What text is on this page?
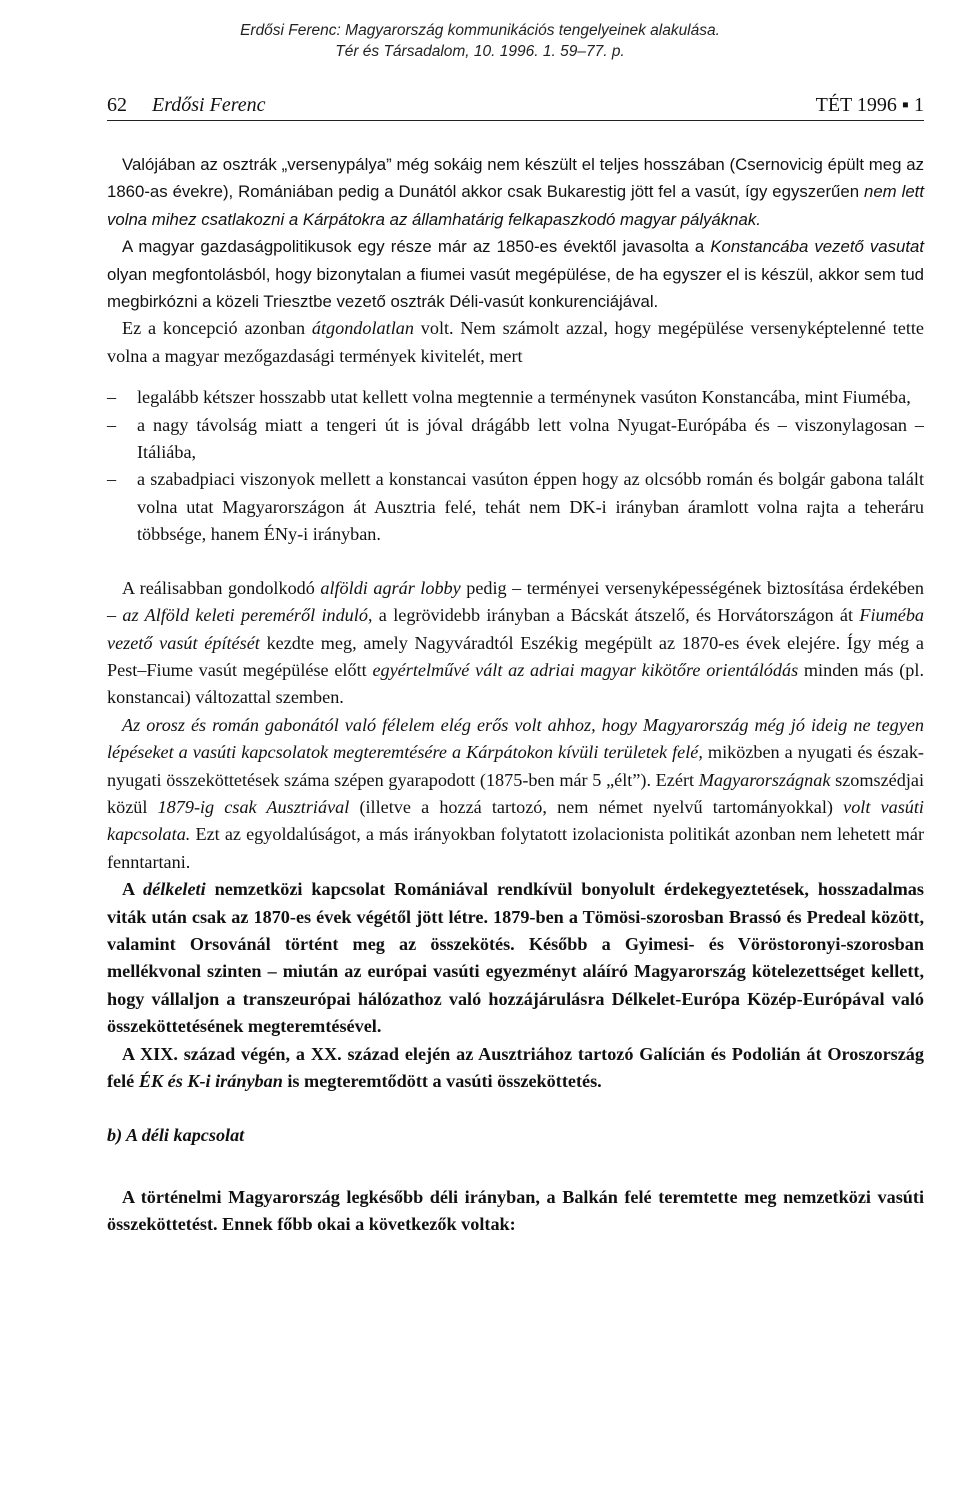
Erdősi Ferenc: Magyarország kommunikációs tengelyeinek alakulása.
Tér és Társadalom, 10. 1996. 1. 59–77. p.
62 Erdősi Ferenc	TÉT 1996 ▪ 1

Valójában az osztrák „versenypálya” még sokáig nem készült el teljes hosszában (Csernovicig épült meg az 1860-as évekre), Romániában pedig a Dunától akkor csak Bukarestig jött fel a vasút, így egyszerűen nem lett volna mihez csatlakozni a Kárpátokra az államhatárig felkapaszkodó magyar pályáknak.

A magyar gazdaságpolitikusok egy része már az 1850-es évektől javasolta a Konstancába vezető vasutat olyan megfontolásból, hogy bizonytalan a fiumei vasút megépülése, de ha egyszer el is készül, akkor sem tud megbirkózni a közeli Triesztbe vezető osztrák Déli-vasút konkurenciájával.

Ez a koncepció azonban átgondolatlan volt. Nem számolt azzal, hogy megépülése versenyképtelenné tette volna a magyar mezőgazdasági termények kivitelét, mert

– legalább kétszer hosszabb utat kellett volna megtennie a terménynek vasúton Konstancába, mint Fiumébа,
– a nagy távolság miatt a tengeri út is jóval drágább lett volna Nyugat-Európába és – viszonylagosan – Itáliába,
– a szabadpiaci viszonyok mellett a konstancai vasúton éppen hogy az olcsóbb román és bolgár gabona talált volna utat Magyarországon át Ausztria felé, tehát nem DK-i irányban áramlott volna rajta a teheráru többsége, hanem ÉNy-i irányban.

A reálisabban gondolkodó alföldi agrár lobby pedig – terményei versenyképességének biztosítása érdekében – az Alföld keleti pereméről induló, a legrövidebb irányban a Bácskát átszelő, és Horvátországon át Fiuméba vezető vasút építését kezdte meg, amely Nagyváradtól Eszékig megépült az 1870-es évek elejére. Így még a Pest–Fiume vasút megépülése előtt egyértelművé vált az adriai magyar kikötőre orientálódás minden más (pl. konstancai) változattal szemben.

Az orosz és román gabonától való félelem elég erős volt ahhoz, hogy Magyarország még jó ideig ne tegyen lépéseket a vasúti kapcsolatok megteremtésére a Kárpátokon kívüli területek felé, miközben a nyugati és észak-nyugati összeköttetések száma szépen gyarapodott (1875-ben már 5 „élt”). Ezért Magyarországnak szomszédjai közül 1879-ig csak Ausztriával (illetve a hozzá tartozó, nem német nyelvű tartományokkal) volt vasúti kapcsolata. Ezt az egyoldalúságot, a más irányokban folytatott izolacionista politikát azonban nem lehetett már fenntartani.

A délkeleti nemzetközi kapcsolat Romániával rendkívül bonyolult érdekegyeztetések, hosszadalmas viták után csak az 1870-es évek végétől jött létre. 1879-ben a Tömösi-szorosban Brassó és Predeal között, valamint Orsovánál történt meg az összekötés. Később a Gyimesi- és Vöröstoronyi-szorosban mellékvonal szinten – miután az európai vasúti egyezményt aláíró Magyarország kötelezettséget kellett, hogy vállaljon a transzeurópai hálózathoz való hozzájárulásra Délkelet-Európa Közép-Európával való összeköttetésének megteremtésével.

A XIX. század végén, a XX. század elején az Ausztriához tartozó Galícián és Podolián át Oroszország felé ÉK és K-i irányban is megteremtődött a vasúti összeköttetés.

b) A déli kapcsolat

A történelmi Magyarország legkésőbb déli irányban, a Balkán felé teremtette meg nemzetközi vasúti összeköttetést. Ennek főbb okai a következők voltak:
